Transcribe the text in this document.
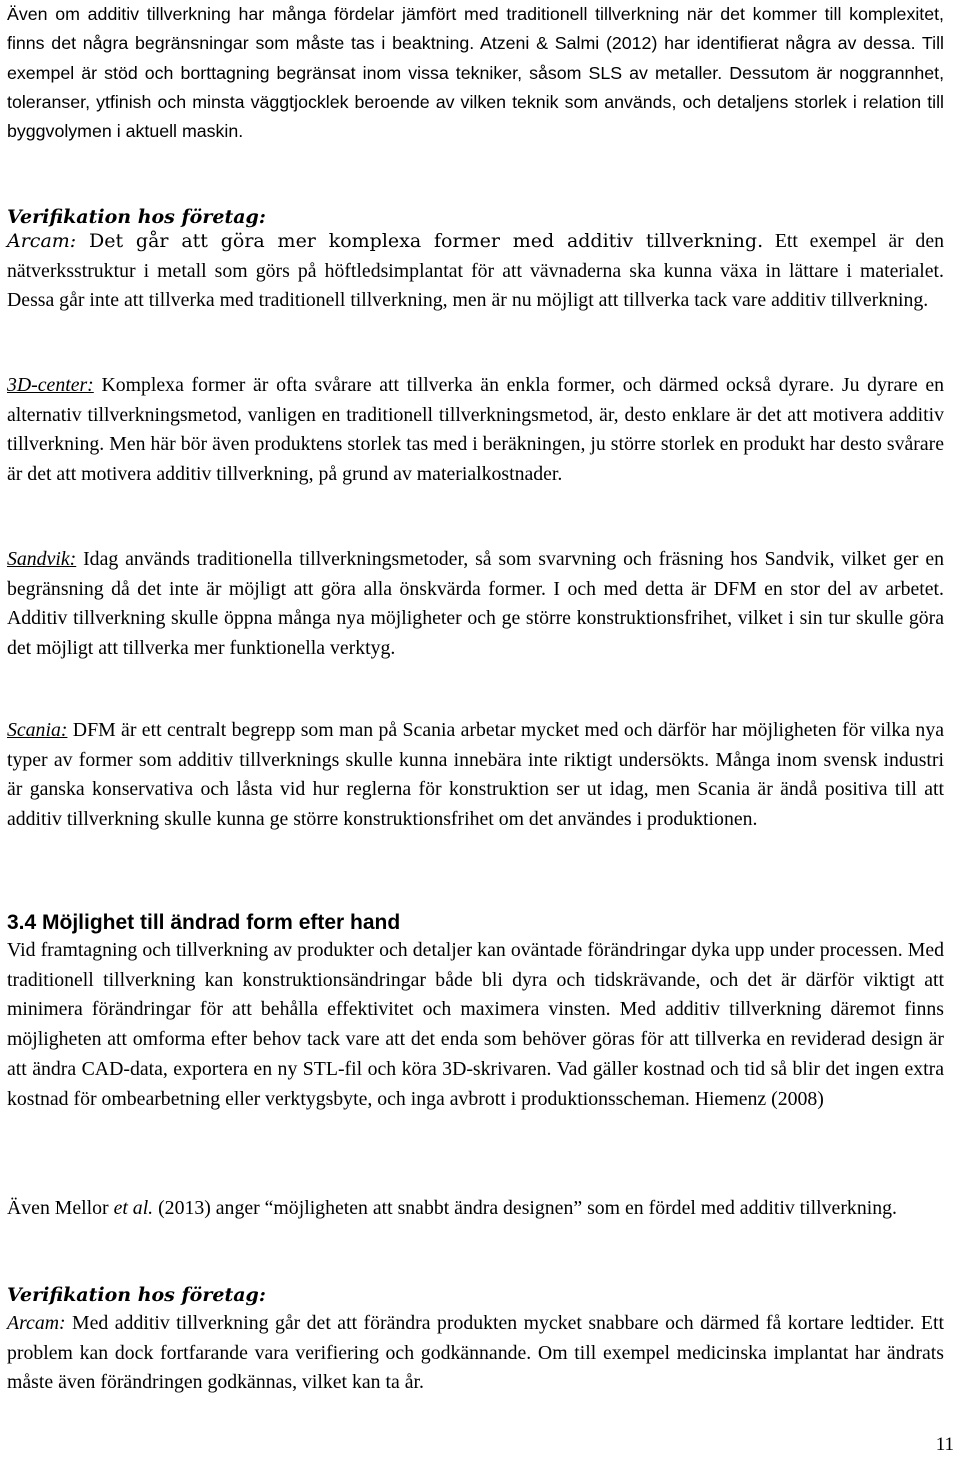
Även om additiv tillverkning har många fördelar jämfört med traditionell tillverkning när det kommer till komplexitet, finns det några begränsningar som måste tas i beaktning. Atzeni & Salmi (2012) har identifierat några av dessa. Till exempel är stöd och borttagning begränsat inom vissa tekniker, såsom SLS av metaller. Dessutom är noggrannhet, toleranser, ytfinish och minsta väggtjocklek beroende av vilken teknik som används, och detaljens storlek i relation till byggvolymen i aktuell maskin.

Verifikation hos företag:

Arcam: Det går att göra mer komplexa former med additiv tillverkning. Ett exempel är den nätverksstruktur i metall som görs på höftledsimplantat för att vävnaderna ska kunna växa in lättare i materialet. Dessa går inte att tillverka med traditionell tillverkning, men är nu möjligt att tillverka tack vare additiv tillverkning.

3D-center: Komplexa former är ofta svårare att tillverka än enkla former, och därmed också dyrare. Ju dyrare en alternativ tillverkningsmetod, vanligen en traditionell tillverkningsmetod, är, desto enklare är det att motivera additiv tillverkning. Men här bör även produktens storlek tas med i beräkningen, ju större storlek en produkt har desto svårare är det att motivera additiv tillverkning, på grund av materialkostnader.

Sandvik: Idag används traditionella tillverkningsmetoder, så som svarvning och fräsning hos Sandvik, vilket ger en begränsning då det inte är möjligt att göra alla önskvärda former. I och med detta är DFM en stor del av arbetet. Additiv tillverkning skulle öppna många nya möjligheter och ge större konstruktionsfrihet, vilket i sin tur skulle göra det möjligt att tillverka mer funktionella verktyg.

Scania: DFM är ett centralt begrepp som man på Scania arbetar mycket med och därför har möjligheten för vilka nya typer av former som additiv tillverknings skulle kunna innebära inte riktigt undersökts. Många inom svensk industri är ganska konservativa och låsta vid hur reglerna för konstruktion ser ut idag, men Scania är ändå positiva till att additiv tillverkning skulle kunna ge större konstruktionsfrihet om det användes i produktionen.

3.4 Möjlighet till ändrad form efter hand

Vid framtagning och tillverkning av produkter och detaljer kan oväntade förändringar dyka upp under processen. Med traditionell tillverkning kan konstruktionsändringar både bli dyra och tidskrävande, och det är därför viktigt att minimera förändringar för att behålla effektivitet och maximera vinsten. Med additiv tillverkning däremot finns möjligheten att omforma efter behov tack vare att det enda som behöver göras för att tillverka en reviderad design är att ändra CAD-data, exportera en ny STL-fil och köra 3D-skrivaren. Vad gäller kostnad och tid så blir det ingen extra kostnad för ombearbetning eller verktygsbyte, och inga avbrott i produktionsscheman. Hiemenz (2008)

Även Mellor et al. (2013) anger “möjligheten att snabbt ändra designen” som en fördel med additiv tillverkning.

Verifikation hos företag:

Arcam: Med additiv tillverkning går det att förändra produkten mycket snabbare och därmed få kortare ledtider. Ett problem kan dock fortfarande vara verifiering och godkännande. Om till exempel medicinska implantat har ändrats måste även förändringen godkännas, vilket kan ta år.

11
